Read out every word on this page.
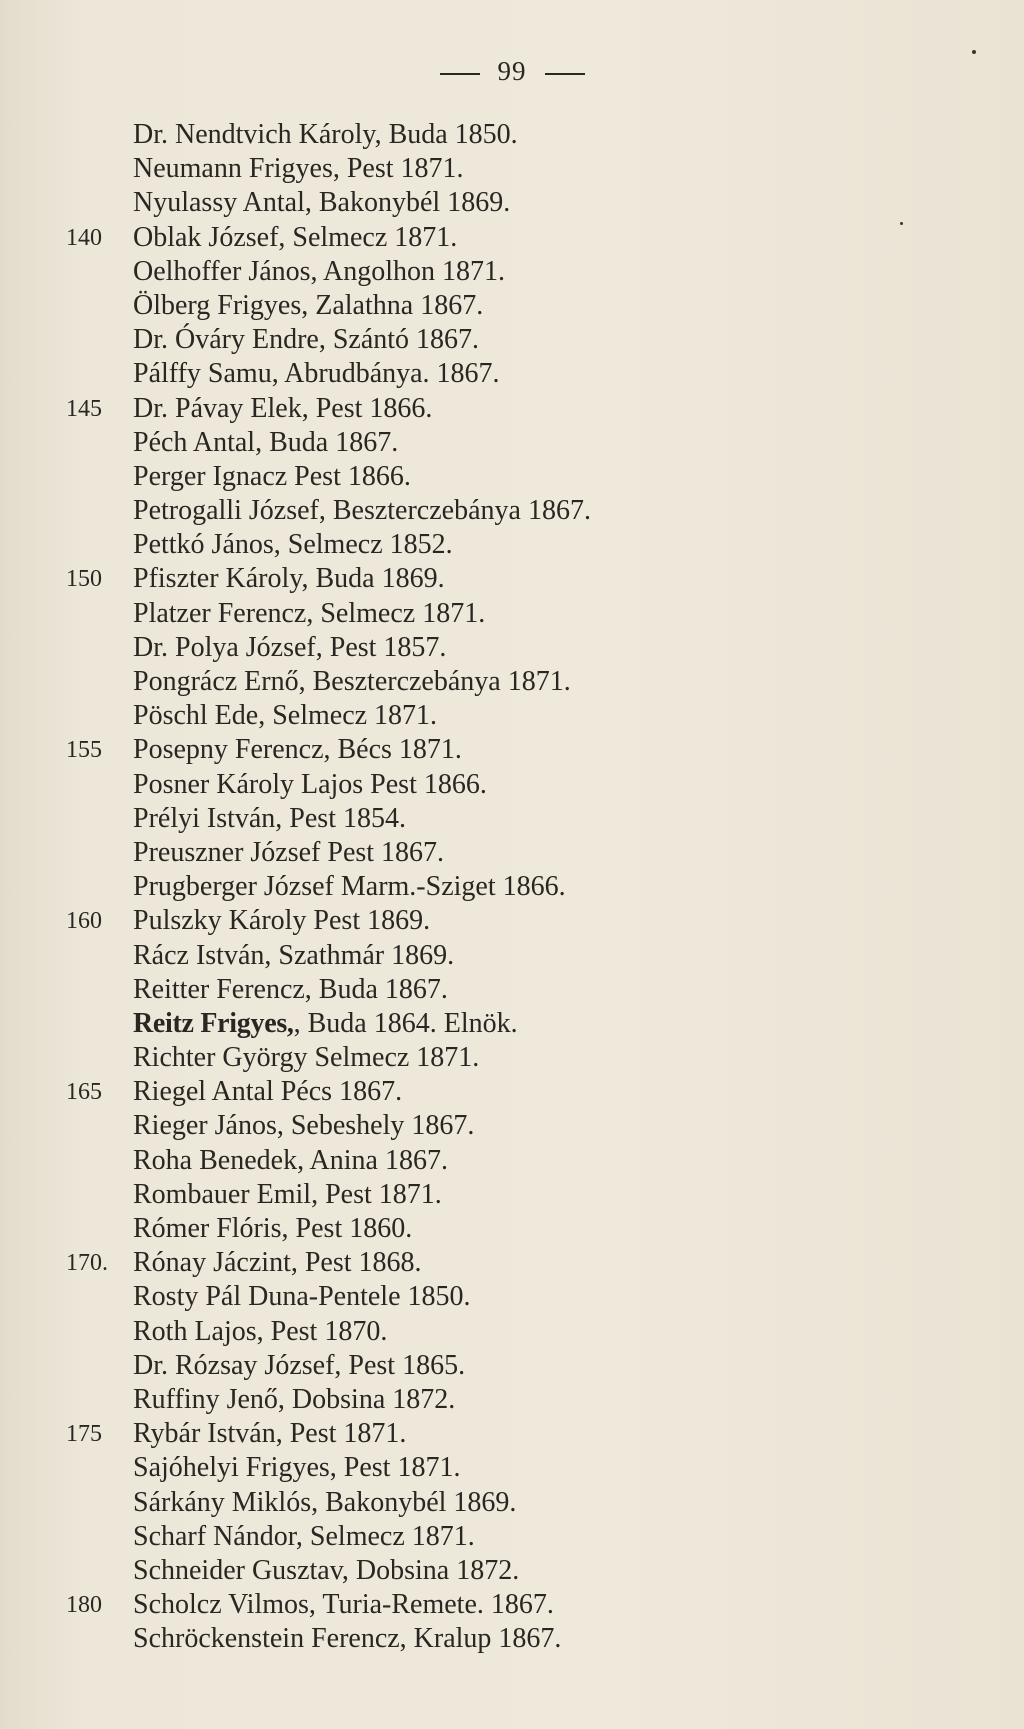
99
Dr. Nendtvich Károly, Buda 1850.
Neumann Frigyes, Pest 1871.
Nyulassy Antal, Bakonybél 1869.
140	Oblak József, Selmecz 1871.
Oelhoffer János, Angolhon 1871.
Ölberg Frigyes, Zalathna 1867.
Dr. Óváry Endre, Szántó 1867.
Pálffy Samu, Abrudbánya. 1867.
145	Dr. Pávay Elek, Pest 1866.
Péch Antal, Buda 1867.
Perger Ignacz Pest 1866.
Petrogalli József, Beszterczebánya 1867.
Pettkó János, Selmecz 1852.
150	Pfiszter Károly, Buda 1869.
Platzer Ferencz, Selmecz 1871.
Dr. Polya József, Pest 1857.
Pongrácz Ernő, Beszterczebánya 1871.
Pöschl Ede, Selmecz 1871.
155	Posepny Ferencz, Bécs 1871.
Posner Károly Lajos Pest 1866.
Prélyi István, Pest 1854.
Preuszner József Pest 1867.
Prugberger József Marm.-Sziget 1866.
160	Pulszky Károly Pest 1869.
Rácz István, Szathmár 1869.
Reitter Ferencz, Buda 1867.
Reitz Frigyes,, Buda 1864. Elnök.
Richter György Selmecz 1871.
165	Riegel Antal Pécs 1867.
Rieger János, Sebeshely 1867.
Roha Benedek, Anina 1867.
Rombauer Emil, Pest 1871.
Rómer Flóris, Pest 1860.
170. Rónay Jáczint, Pest 1868.
Rosty Pál Duna-Pentele 1850.
Roth Lajos, Pest 1870.
Dr. Rózsay József, Pest 1865.
Ruffiny Jenő, Dobsina 1872.
175	Rybár István, Pest 1871.
Sajóhelyi Frigyes, Pest 1871.
Sárkány Miklós, Bakonybél 1869.
Scharf Nándor, Selmecz 1871.
Schneider Gusztav, Dobsina 1872.
180	Scholcz Vilmos, Turia-Remete. 1867.
Schröckenstein Ferencz, Kralup 1867.
